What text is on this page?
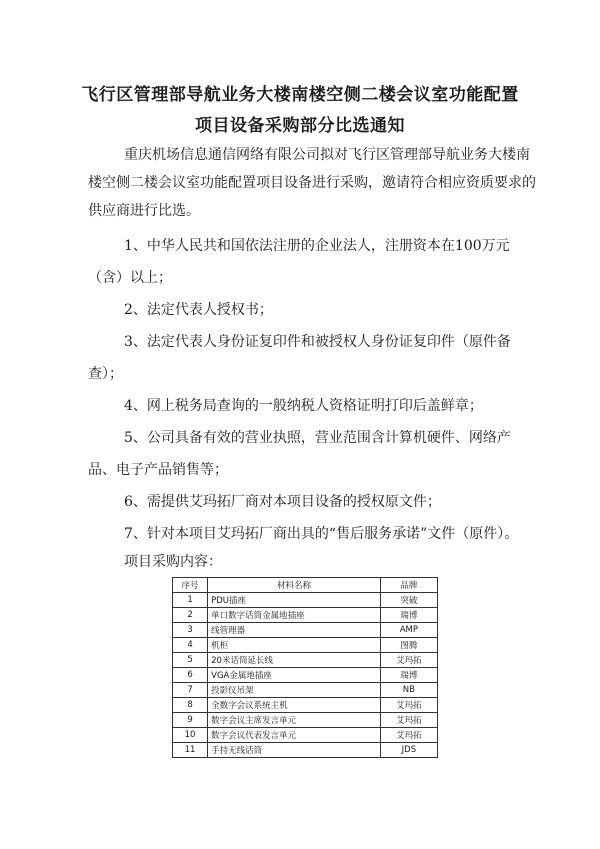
飞行区管理部导航业务大楼南楼空侧二楼会议室功能配置
项目设备采购部分比选通知
重庆机场信息通信网络有限公司拟对飞行区管理部导航业务大楼南楼空侧二楼会议室功能配置项目设备进行采购，邀请符合相应资质要求的供应商进行比选。
1、中华人民共和国依法注册的企业法人，注册资本在100万元（含）以上；
2、法定代表人授权书；
3、法定代表人身份证复印件和被授权人身份证复印件（原件备查）；
4、网上税务局查询的一般纳税人资格证明打印后盖鲜章；
5、公司具备有效的营业执照，营业范围含计算机硬件、网络产品、电子产品销售等；
6、需提供艾玛拓厂商对本项目设备的授权原文件；
7、针对本项目艾玛拓厂商出具的“售后服务承诺”文件（原件）。
项目采购内容：
序号	材料名称	品牌
1	PDU插座	突破
2	单口数字话筒金属地插座	瑞博
3	线管理器	AMP
4	机柜	图腾
5	20米话筒延长线	艾玛拓
6	VGA金属地插座	瑞博
7	投影仪吊架	NB
8	全数字会议系统主机	艾玛拓
9	数字会议主席发言单元	艾玛拓
10	数字会议代表发言单元	艾玛拓
11	手持无线话筒	JDS
